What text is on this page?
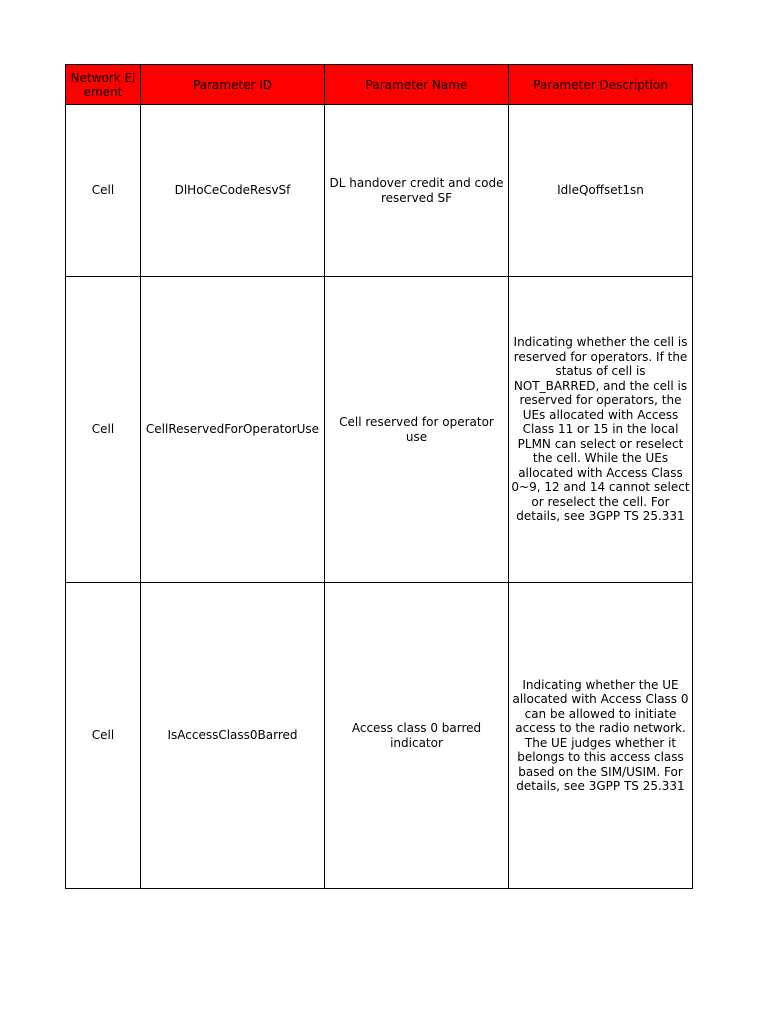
Network Element	Parameter ID	Parameter Name	Parameter Description
Cell	DlHoCeCodeResvSf	DL handover credit and code reserved SF	IdleQoffset1sn
Cell	CellReservedForOperatorUse	Cell reserved for operator use	Indicating whether the cell is reserved for operators. If the status of cell is NOT_BARRED, and the cell is reserved for operators, the UEs allocated with Access Class 11 or 15 in the local PLMN can select or reselect the cell. While the UEs allocated with Access Class 0~9, 12 and 14 cannot select or reselect the cell. For details, see 3GPP TS 25.331
Cell	IsAccessClass0Barred	Access class 0 barred indicator	Indicating whether the UE allocated with Access Class 0 can be allowed to initiate access to the radio network. The UE judges whether it belongs to this access class based on the SIM/USIM. For details, see 3GPP TS 25.331
